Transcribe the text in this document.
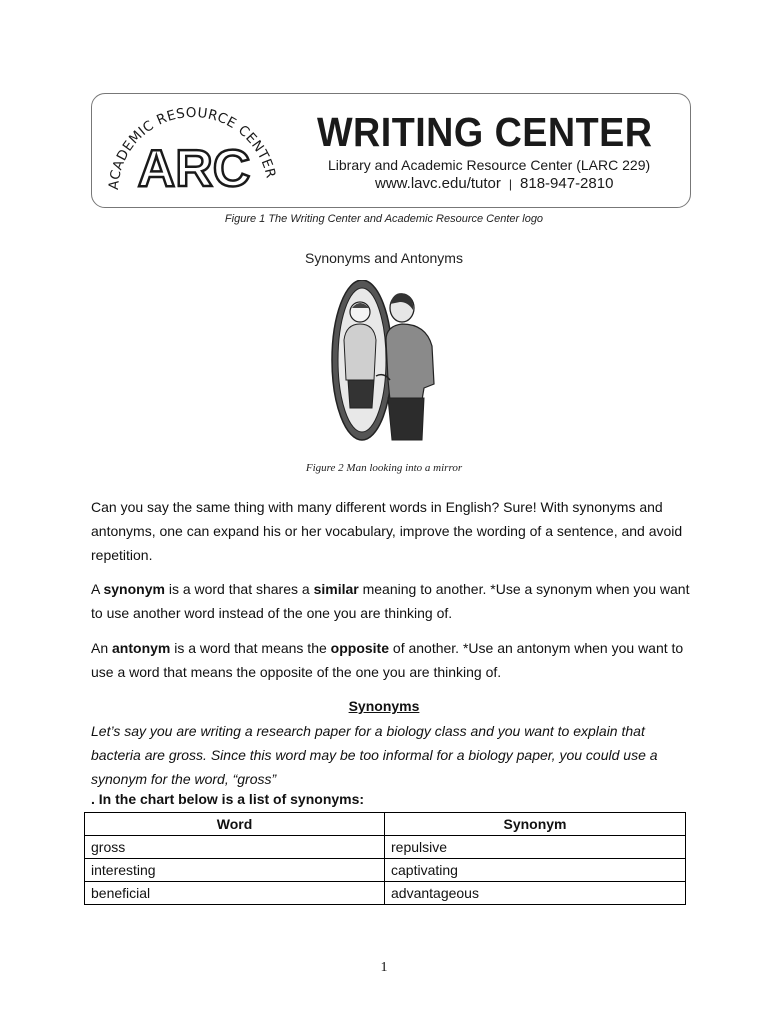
ACADEMIC RESOURCE CENTER
ARC
WRITING CENTER
Library and Academic Resource Center (LARC 229)
www.lavc.edu/tutor | 818-947-2810
Figure 1 The Writing Center and Academic Resource Center logo
Synonyms and Antonyms
Figure 2 Man looking into a mirror
Can you say the same thing with many different words in English? Sure! With synonyms and antonyms, one can expand his or her vocabulary, improve the wording of a sentence, and avoid repetition.
A synonym is a word that shares a similar meaning to another. *Use a synonym when you want to use another word instead of the one you are thinking of.
An antonym is a word that means the opposite of another. *Use an antonym when you want to use a word that means the opposite of the one you are thinking of.
Synonyms
Let’s say you are writing a research paper for a biology class and you want to explain that bacteria are gross. Since this word may be too informal for a biology paper, you could use a synonym for the word, “gross”
. In the chart below is a list of synonyms:
Word	Synonym
gross	repulsive
interesting	captivating
beneficial	advantageous
1
